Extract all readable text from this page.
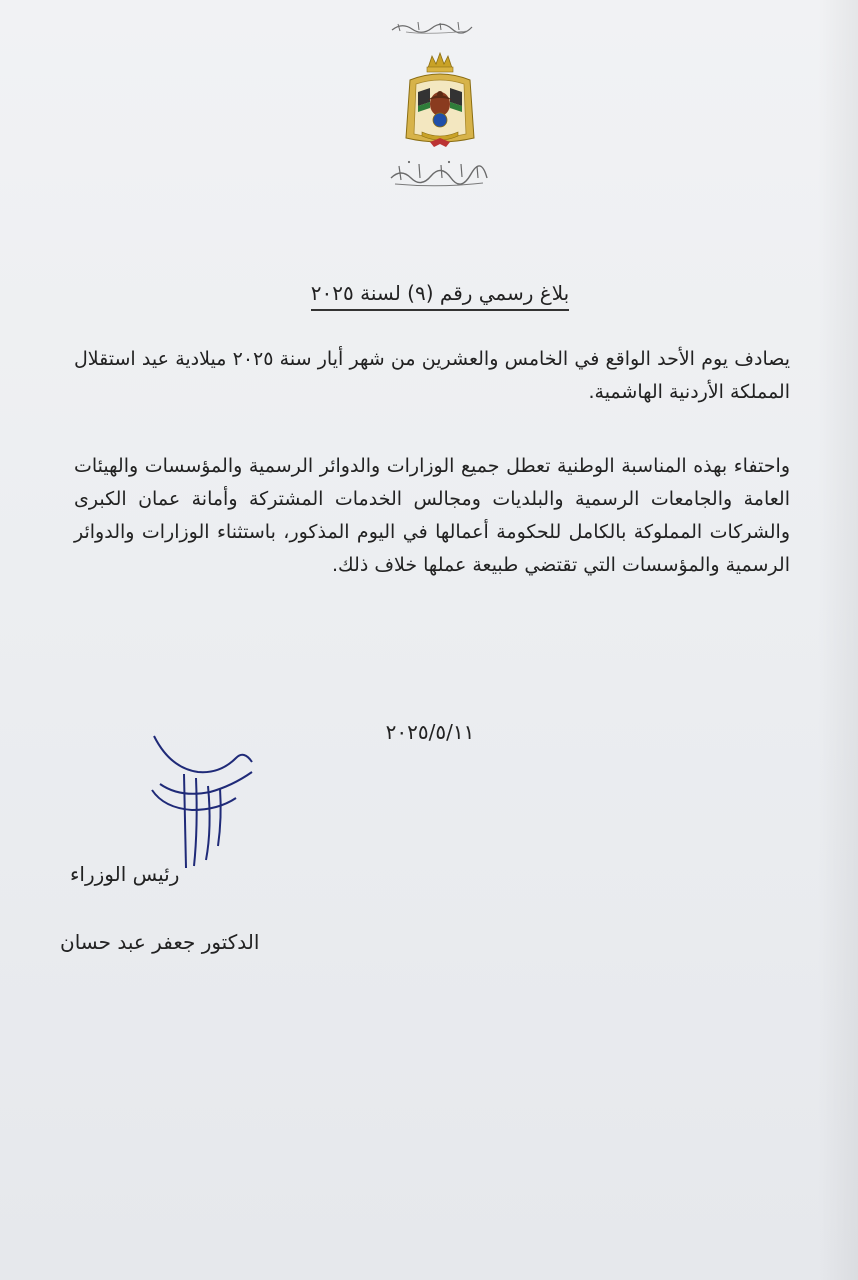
بلاغ رسمي رقم (٩) لسنة ٢٠٢٥
يصادف يوم الأحد الواقع في الخامس والعشرين من شهر أيار سنة ٢٠٢٥ ميلادية عيد استقلال المملكة الأردنية الهاشمية.
واحتفاء بهذه المناسبة الوطنية تعطل جميع الوزارات والدوائر الرسمية والمؤسسات والهيئات العامة والجامعات الرسمية والبلديات ومجالس الخدمات المشتركة وأمانة عمان الكبرى والشركات المملوكة بالكامل للحكومة أعمالها في اليوم المذكور، باستثناء الوزارات والدوائر الرسمية والمؤسسات التي تقتضي طبيعة عملها خلاف ذلك.
٢٠٢٥/٥/١١
رئيس الوزراء
الدكتور جعفر عبد حسان
